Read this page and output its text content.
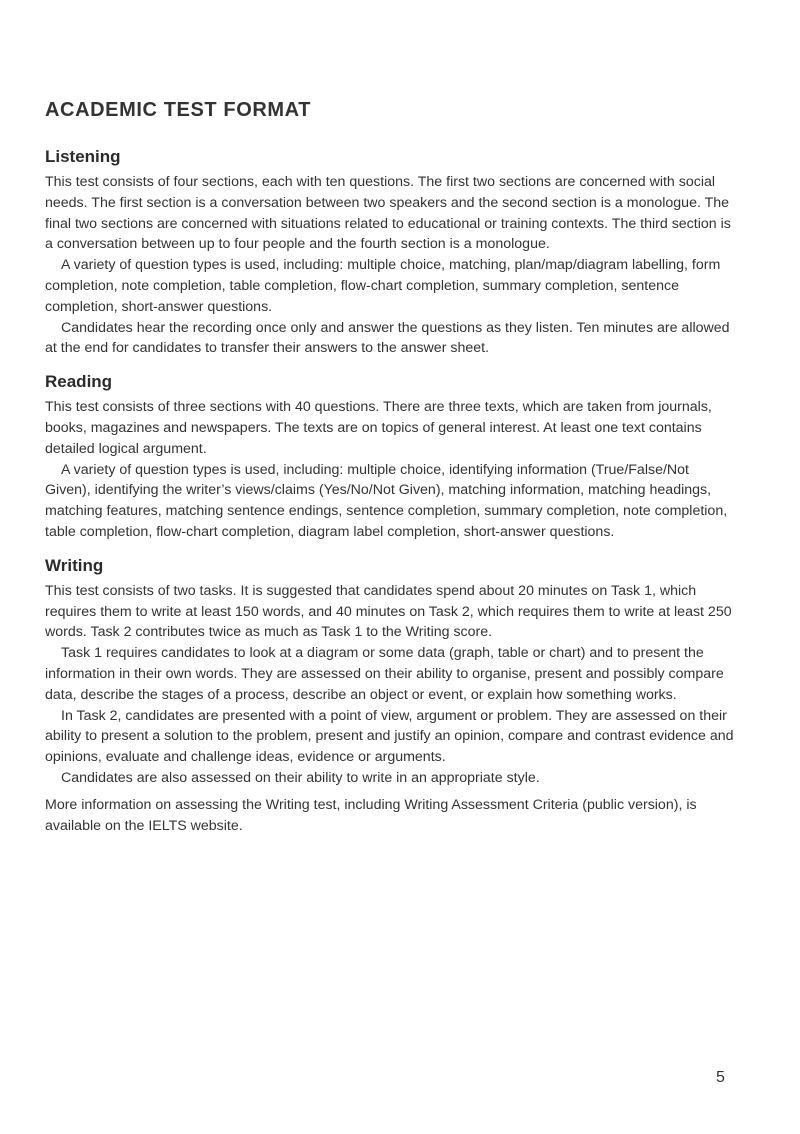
ACADEMIC TEST FORMAT
Listening

This test consists of four sections, each with ten questions. The first two sections are concerned with social needs. The first section is a conversation between two speakers and the second section is a monologue. The final two sections are concerned with situations related to educational or training contexts. The third section is a conversation between up to four people and the fourth section is a monologue.

A variety of question types is used, including: multiple choice, matching, plan/map/diagram labelling, form completion, note completion, table completion, flow-chart completion, summary completion, sentence completion, short-answer questions.

Candidates hear the recording once only and answer the questions as they listen. Ten minutes are allowed at the end for candidates to transfer their answers to the answer sheet.

Reading

This test consists of three sections with 40 questions. There are three texts, which are taken from journals, books, magazines and newspapers. The texts are on topics of general interest. At least one text contains detailed logical argument.

A variety of question types is used, including: multiple choice, identifying information (True/False/Not Given), identifying the writer’s views/claims (Yes/No/Not Given), matching information, matching headings, matching features, matching sentence endings, sentence completion, summary completion, note completion, table completion, flow-chart completion, diagram label completion, short-answer questions.

Writing

This test consists of two tasks. It is suggested that candidates spend about 20 minutes on Task 1, which requires them to write at least 150 words, and 40 minutes on Task 2, which requires them to write at least 250 words. Task 2 contributes twice as much as Task 1 to the Writing score.

Task 1 requires candidates to look at a diagram or some data (graph, table or chart) and to present the information in their own words. They are assessed on their ability to organise, present and possibly compare data, describe the stages of a process, describe an object or event, or explain how something works.

In Task 2, candidates are presented with a point of view, argument or problem. They are assessed on their ability to present a solution to the problem, present and justify an opinion, compare and contrast evidence and opinions, evaluate and challenge ideas, evidence or arguments.

Candidates are also assessed on their ability to write in an appropriate style.

More information on assessing the Writing test, including Writing Assessment Criteria (public version), is available on the IELTS website.

5
